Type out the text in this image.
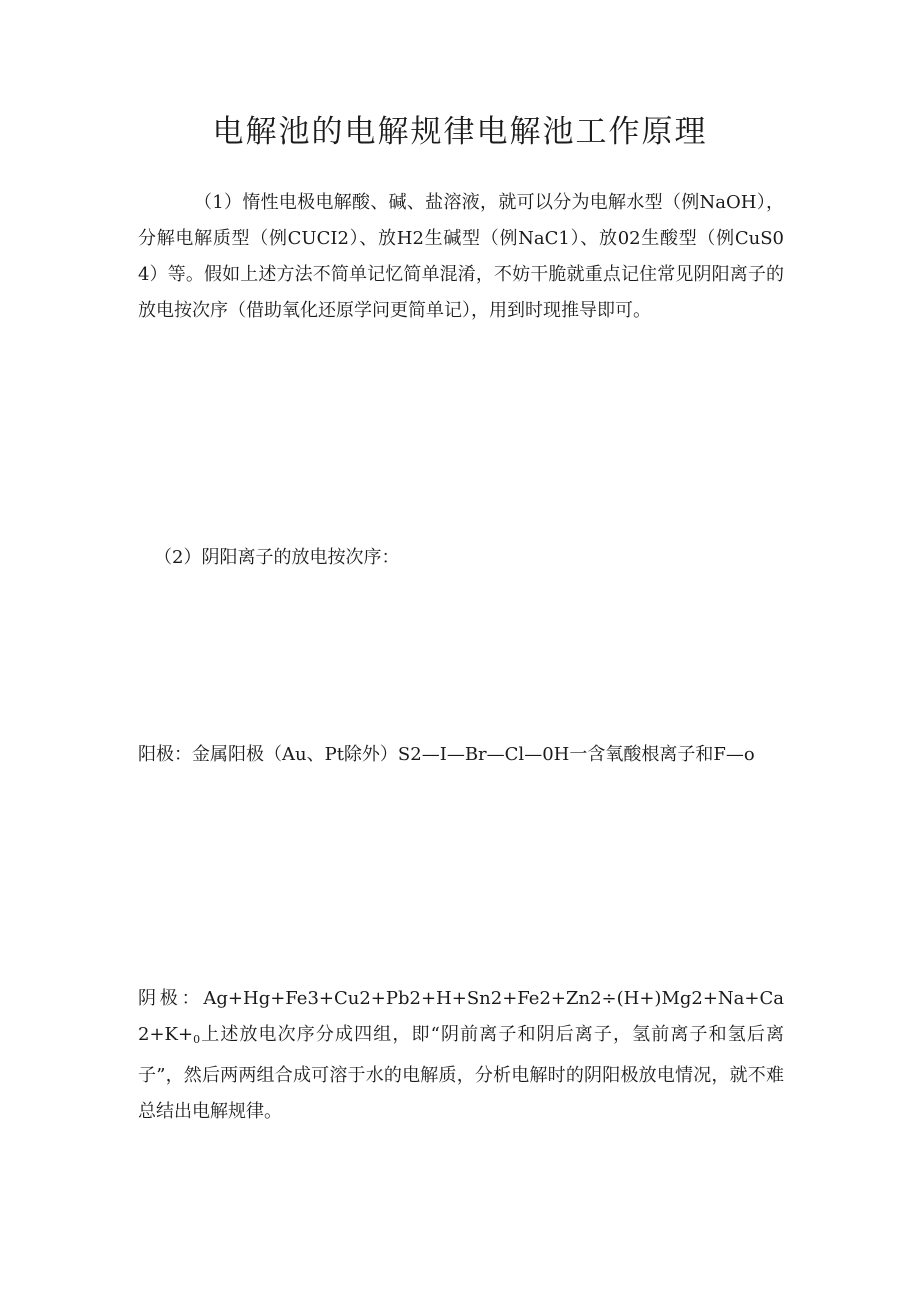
电解池的电解规律电解池工作原理

（1）惰性电极电解酸、碱、盐溶液，就可以分为电解水型（例NaOH），分解电解质型（例CUCI2）、放H2生碱型（例NaC1）、放02生酸型（例CuS04）等。假如上述方法不简单记忆简单混淆，不妨干脆就重点记住常见阴阳离子的放电按次序（借助氧化还原学问更简单记），用到时现推导即可。

（2）阴阳离子的放电按次序：

阳极：金属阳极（Au、Pt除外）S2—I—Br—Cl—0H一含氧酸根离子和F—o

阴极：$Ag+Hg+Fe3+Cu2+Pb2+H+Sn2+Fe2+Zn2\div(H+)Mg2+Na+Ca2+K+_0$上述放电次序分成四组，即“阴前离子和阴后离子，氢前离子和氢后离子”，然后两两组合成可溶于水的电解质，分析电解时的阴阳极放电情况，就不难总结出电解规律。
